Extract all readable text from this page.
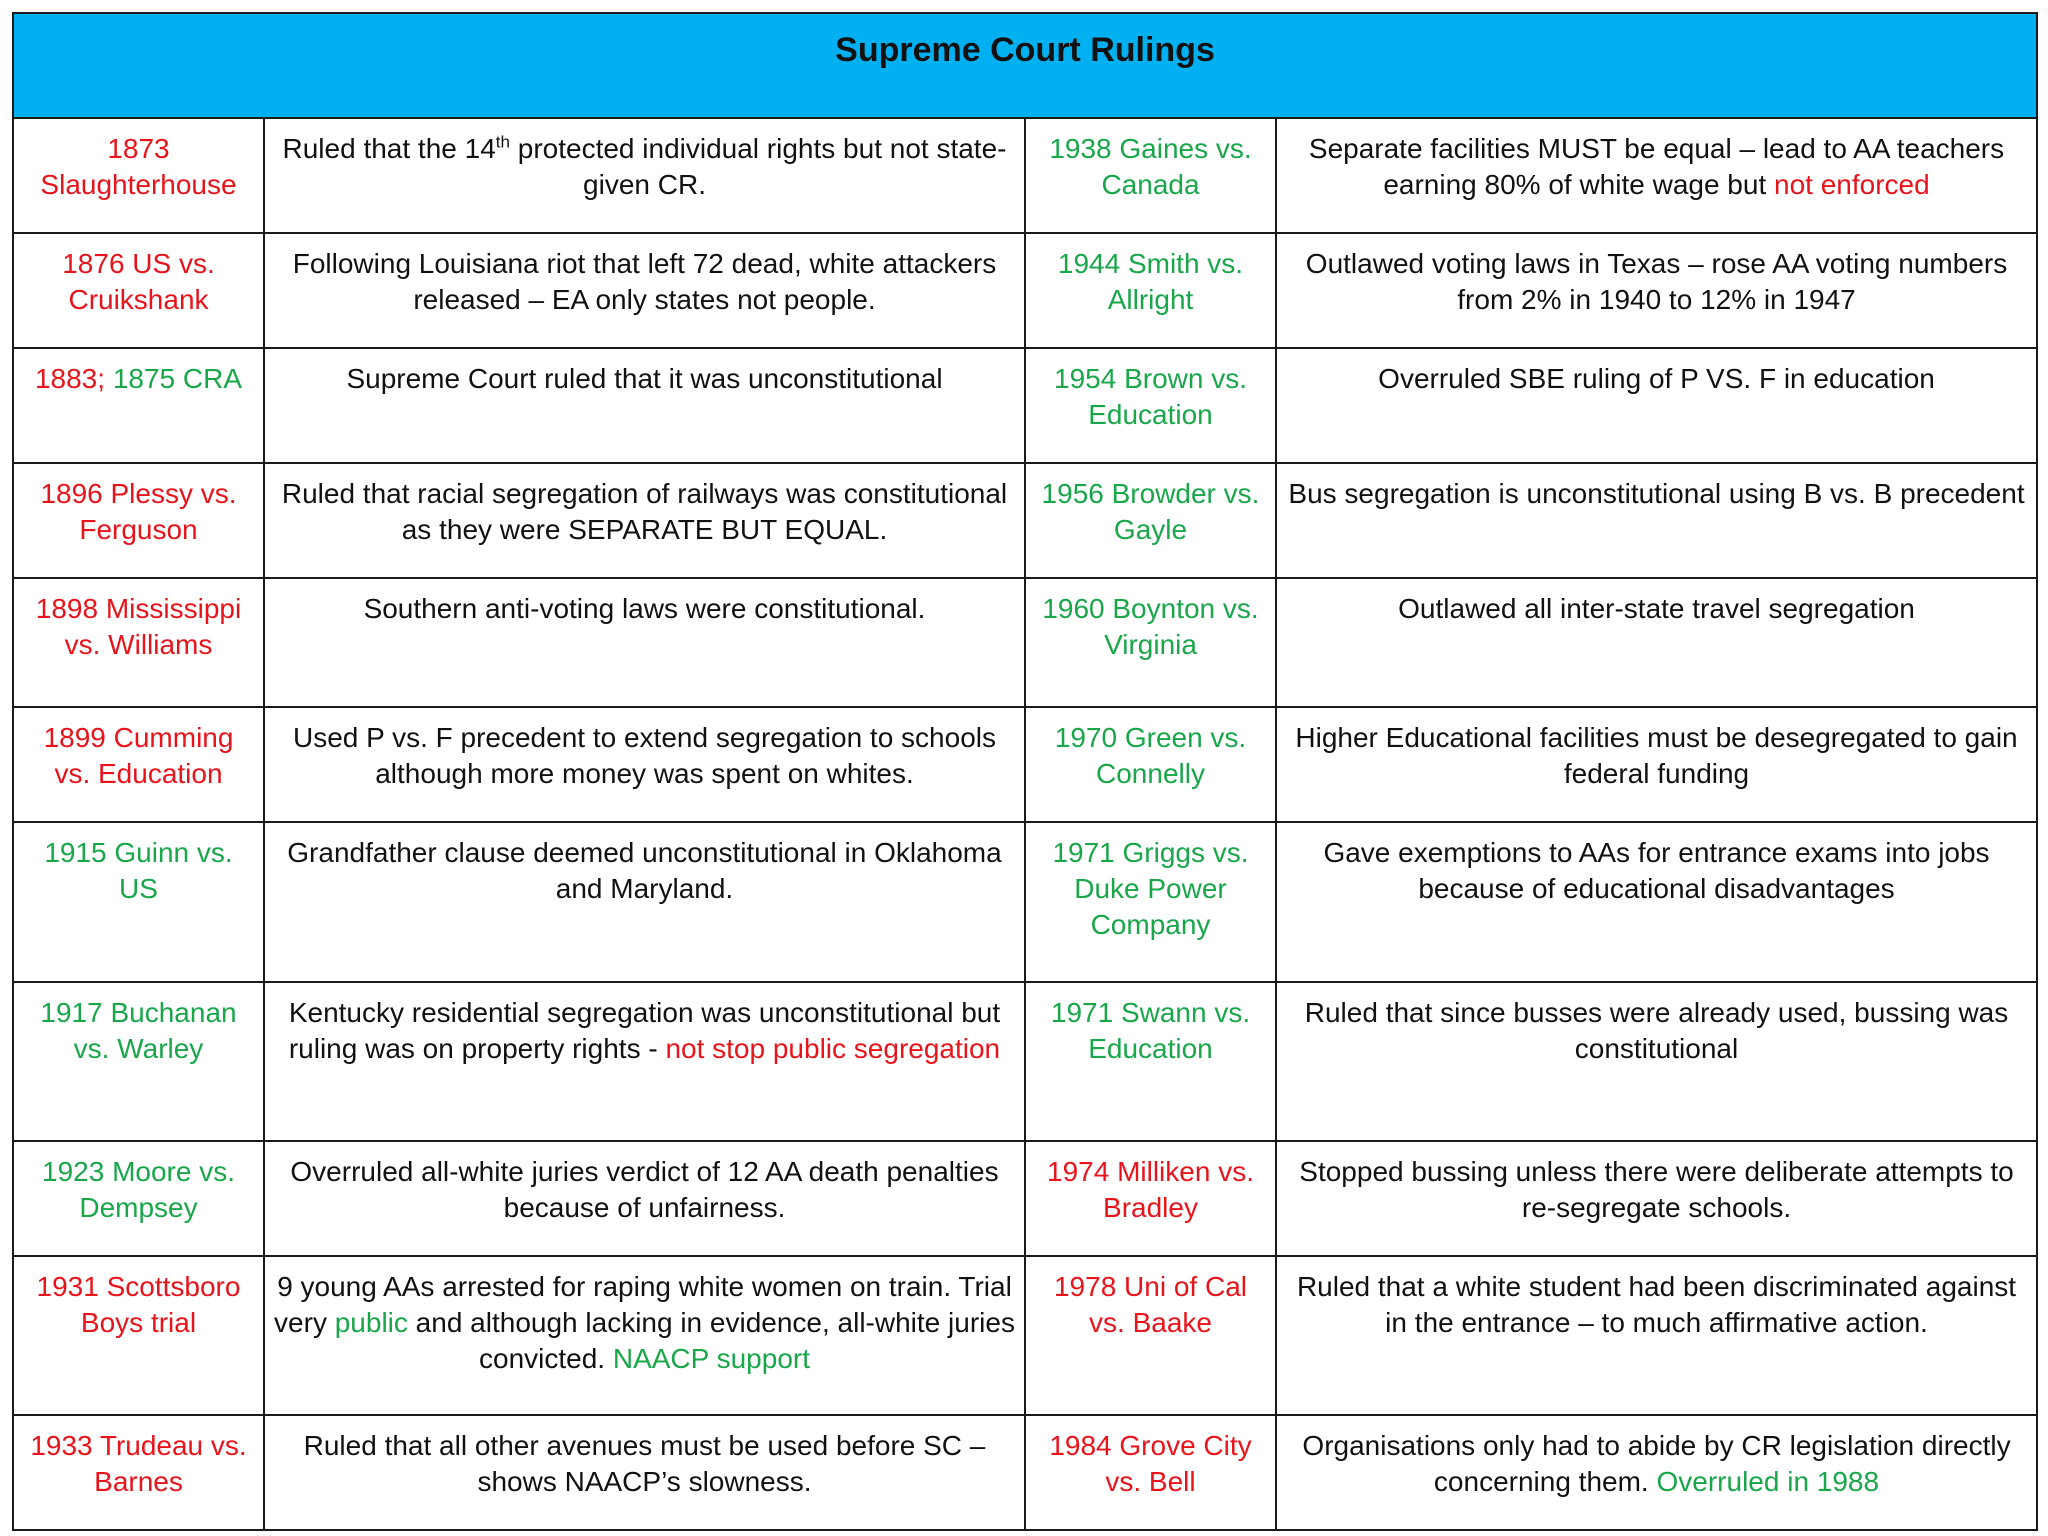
Supreme Court Rulings			
1873 Slaughterhouse	Ruled that the 14th protected individual rights but not state-given CR.	1938 Gaines vs. Canada	Separate facilities MUST be equal – lead to AA teachers earning 80% of white wage but not enforced
1876 US vs. Cruikshank	Following Louisiana riot that left 72 dead, white attackers released – EA only states not people.	1944 Smith vs. Allright	Outlawed voting laws in Texas – rose AA voting numbers from 2% in 1940 to 12% in 1947
1883; 1875 CRA	Supreme Court ruled that it was unconstitutional	1954 Brown vs. Education	Overruled SBE ruling of P VS. F in education
1896 Plessy vs. Ferguson	Ruled that racial segregation of railways was constitutional as they were SEPARATE BUT EQUAL.	1956 Browder vs. Gayle	Bus segregation is unconstitutional using B vs. B precedent
1898 Mississippi vs. Williams	Southern anti-voting laws were constitutional.	1960 Boynton vs. Virginia	Outlawed all inter-state travel segregation
1899 Cumming vs. Education	Used P vs. F precedent to extend segregation to schools although more money was spent on whites.	1970 Green vs. Connelly	Higher Educational facilities must be desegregated to gain federal funding
1915 Guinn vs. US	Grandfather clause deemed unconstitutional in Oklahoma and Maryland.	1971 Griggs vs. Duke Power Company	Gave exemptions to AAs for entrance exams into jobs because of educational disadvantages
1917 Buchanan vs. Warley	Kentucky residential segregation was unconstitutional but ruling was on property rights - not stop public segregation	1971 Swann vs. Education	Ruled that since busses were already used, bussing was constitutional
1923 Moore vs. Dempsey	Overruled all-white juries verdict of 12 AA death penalties because of unfairness.	1974 Milliken vs. Bradley	Stopped bussing unless there were deliberate attempts to re-segregate schools.
1931 Scottsboro Boys trial	9 young AAs arrested for raping white women on train. Trial very public and although lacking in evidence, all-white juries convicted. NAACP support	1978 Uni of Cal vs. Baake	Ruled that a white student had been discriminated against in the entrance – to much affirmative action.
1933 Trudeau vs. Barnes	Ruled that all other avenues must be used before SC – shows NAACP’s slowness.	1984 Grove City vs. Bell	Organisations only had to abide by CR legislation directly concerning them. Overruled in 1988
